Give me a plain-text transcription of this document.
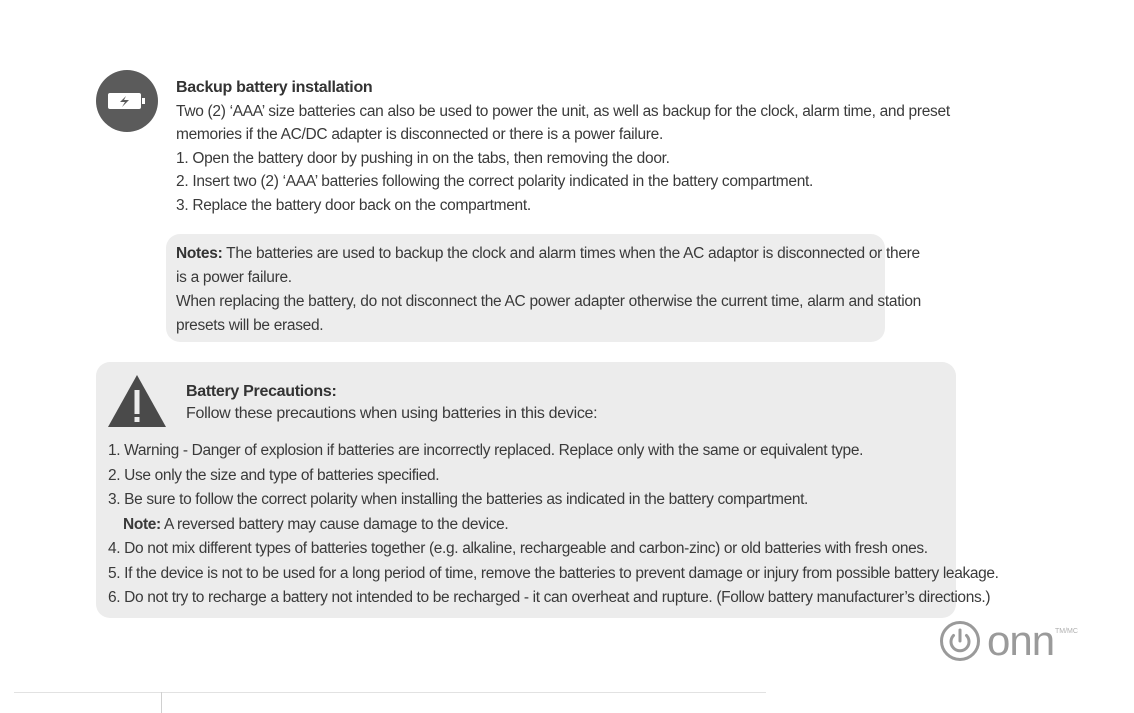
Backup battery installation
Two (2) ‘AAA’ size batteries can also be used to power the unit, as well as backup for the clock, alarm time, and preset
memories if the AC/DC adapter is disconnected or there is a power failure.
1. Open the battery door by pushing in on the tabs, then removing the door.
2. Insert two (2) ‘AAA’ batteries following the correct polarity indicated in the battery compartment.
3. Replace the battery door back on the compartment.
Notes: The batteries are used to backup the clock and alarm times when the AC adaptor is disconnected or there
is a power failure.
When replacing the battery, do not disconnect the AC power adapter otherwise the current time, alarm and station
presets will be erased.
Battery Precautions:
Follow these precautions when using batteries in this device:
1. Warning - Danger of explosion if batteries are incorrectly replaced. Replace only with the same or equivalent type.
2. Use only the size and type of batteries specified.
3. Be sure to follow the correct polarity when installing the batteries as indicated in the battery compartment.
Note: A reversed battery may cause damage to the device.
4. Do not mix different types of batteries together (e.g. alkaline, rechargeable and carbon-zinc) or old batteries with fresh ones.
5. If the device is not to be used for a long period of time, remove the batteries to prevent damage or injury from possible battery leakage.
6. Do not try to recharge a battery not intended to be recharged - it can overheat and rupture. (Follow battery manufacturer’s directions.)
onn TM/MC
